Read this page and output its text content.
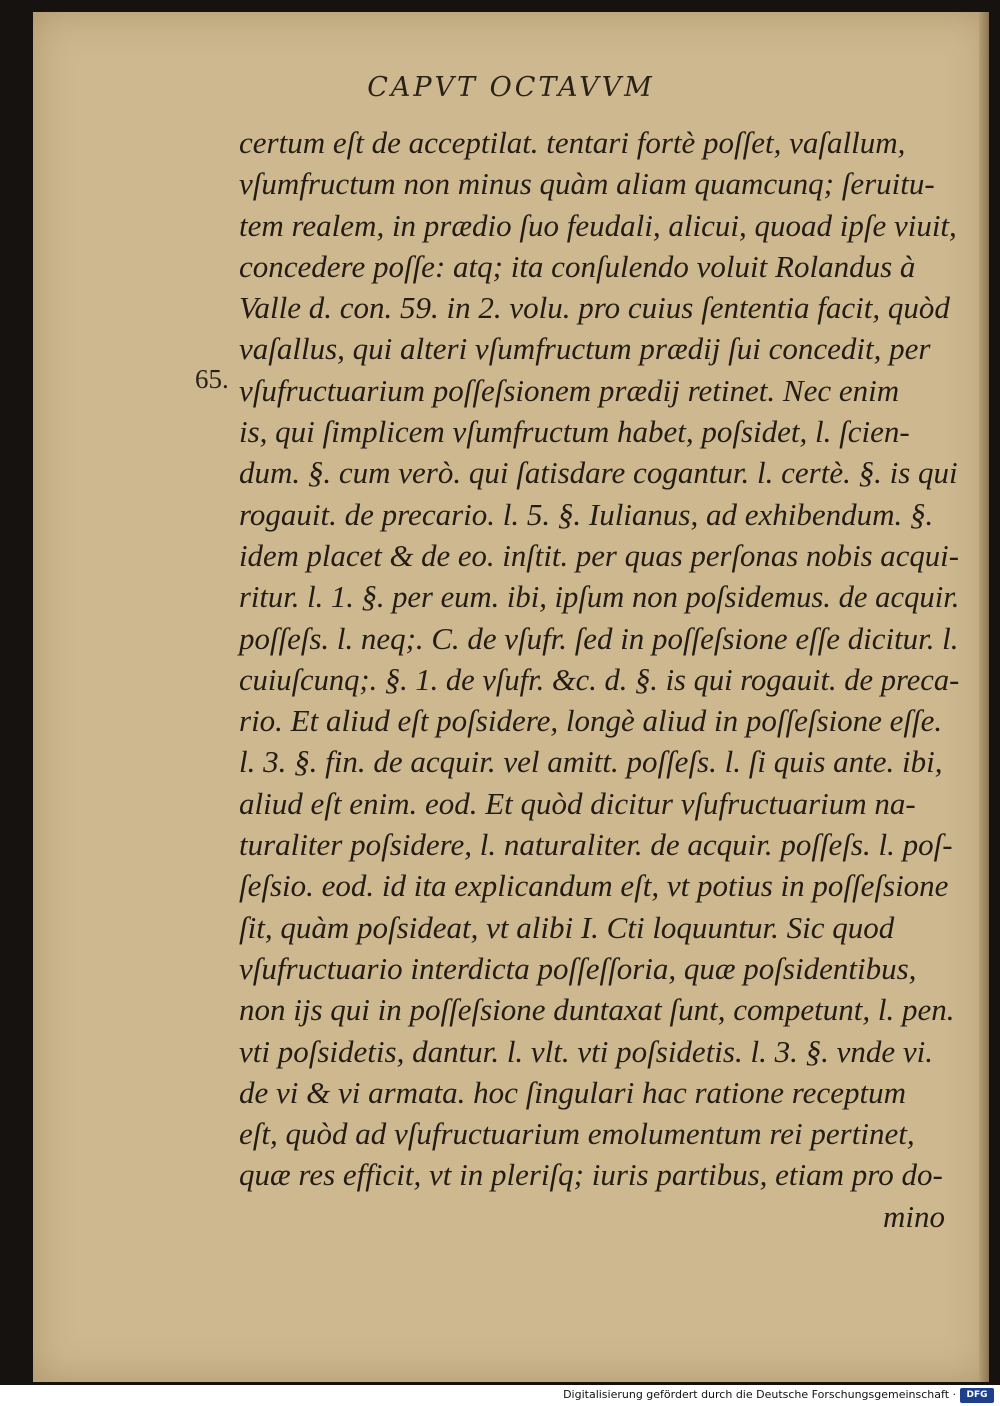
CAPVT OCTAVVM
65.
certum eſt de acceptilat. tentari fortè poſſet, vaſallum,
vſumfructum non minus quàm aliam quamcunq; ſeruitu-
tem realem, in prædio ſuo feudali, alicui, quoad ipſe viuit,
concedere poſſe: atq; ita conſulendo voluit Rolandus à
Valle d. con. 59. in 2. volu. pro cuius ſententia facit, quòd
vaſallus, qui alteri vſumfructum prædij ſui concedit, per
vſufructuarium poſſeſsionem prædij retinet. Nec enim
is, qui ſimplicem vſumfructum habet, poſsidet, l. ſcien-
dum. §. cum verò. qui ſatisdare cogantur. l. certè. §. is qui
rogauit. de precario. l. 5. §. Iulianus, ad exhibendum. §.
idem placet & de eo. inſtit. per quas perſonas nobis acqui-
ritur. l. 1. §. per eum. ibi, ipſum non poſsidemus. de acquir.
poſſeſs. l. neq;. C. de vſufr. ſed in poſſeſsione eſſe dicitur. l.
cuiuſcunq;. §. 1. de vſufr. &c. d. §. is qui rogauit. de preca-
rio. Et aliud eſt poſsidere, longè aliud in poſſeſsione eſſe.
l. 3. §. fin. de acquir. vel amitt. poſſeſs. l. ſi quis ante. ibi,
aliud eſt enim. eod. Et quòd dicitur vſufructuarium na-
turaliter poſsidere, l. naturaliter. de acquir. poſſeſs. l. poſ-
ſeſsio. eod. id ita explicandum eſt, vt potius in poſſeſsione
ſit, quàm poſsideat, vt alibi I. Cti loquuntur. Sic quod
vſufructuario interdicta poſſeſſoria, quæ poſsidentibus,
non ijs qui in poſſeſsione duntaxat ſunt, competunt, l. pen.
vti poſsidetis, dantur. l. vlt. vti poſsidetis. l. 3. §. vnde vi.
de vi & vi armata. hoc ſingulari hac ratione receptum
eſt, quòd ad vſufructuarium emolumentum rei pertinet,
quæ res efficit, vt in pleriſq; iuris partibus, etiam pro do-
mino
Digitalisierung gefördert durch die Deutsche Forschungsgemeinschaft ·	DFG
